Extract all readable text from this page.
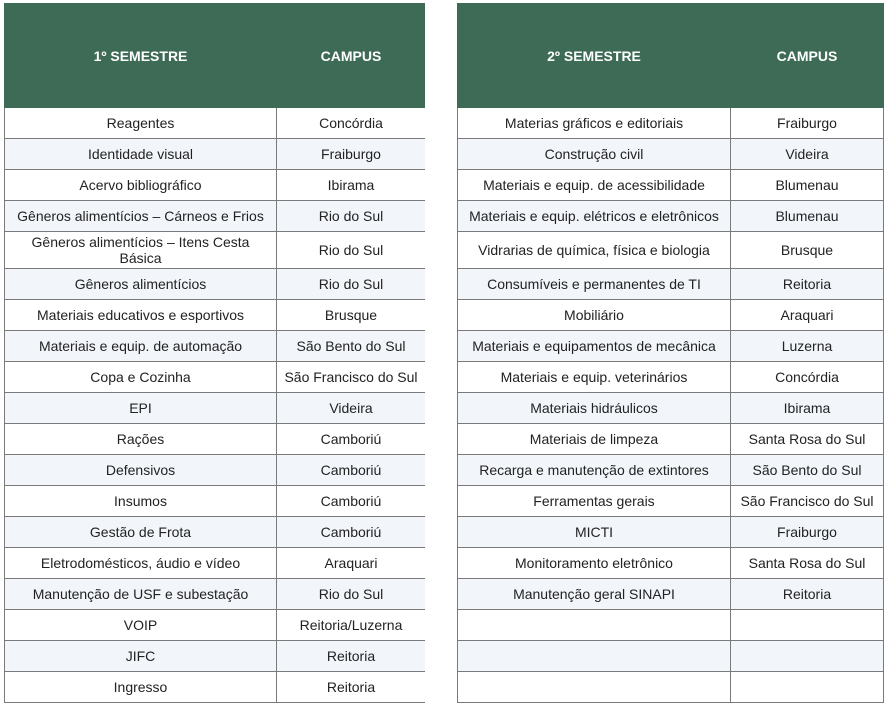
1º SEMESTRE	CAMPUS
Reagentes	Concórdia
Identidade visual	Fraiburgo
Acervo bibliográfico	Ibirama
Gêneros alimentícios – Cárneos e Frios	Rio do Sul
Gêneros alimentícios – Itens Cesta Básica	Rio do Sul
Gêneros alimentícios	Rio do Sul
Materiais educativos e esportivos	Brusque
Materiais e equip. de automação	São Bento do Sul
Copa e Cozinha	São Francisco do Sul
EPI	Videira
Rações	Camboriú
Defensivos	Camboriú
Insumos	Camboriú
Gestão de Frota	Camboriú
Eletrodomésticos, áudio e vídeo	Araquari
Manutenção de USF e subestação	Rio do Sul
VOIP	Reitoria/Luzerna
JIFC	Reitoria
Ingresso	Reitoria
2º SEMESTRE	CAMPUS
Materias gráficos e editoriais	Fraiburgo
Construção civil	Videira
Materiais e equip. de acessibilidade	Blumenau
Materiais e equip. elétricos e eletrônicos	Blumenau
Vidrarias de química, física e biologia	Brusque
Consumíveis e permanentes de TI	Reitoria
Mobiliário	Araquari
Materiais e equipamentos de mecânica	Luzerna
Materiais e equip. veterinários	Concórdia
Materiais hidráulicos	Ibirama
Materiais de limpeza	Santa Rosa do Sul
Recarga e manutenção de extintores	São Bento do Sul
Ferramentas gerais	São Francisco do Sul
MICTI	Fraiburgo
Monitoramento eletrônico	Santa Rosa do Sul
Manutenção geral SINAPI	Reitoria
